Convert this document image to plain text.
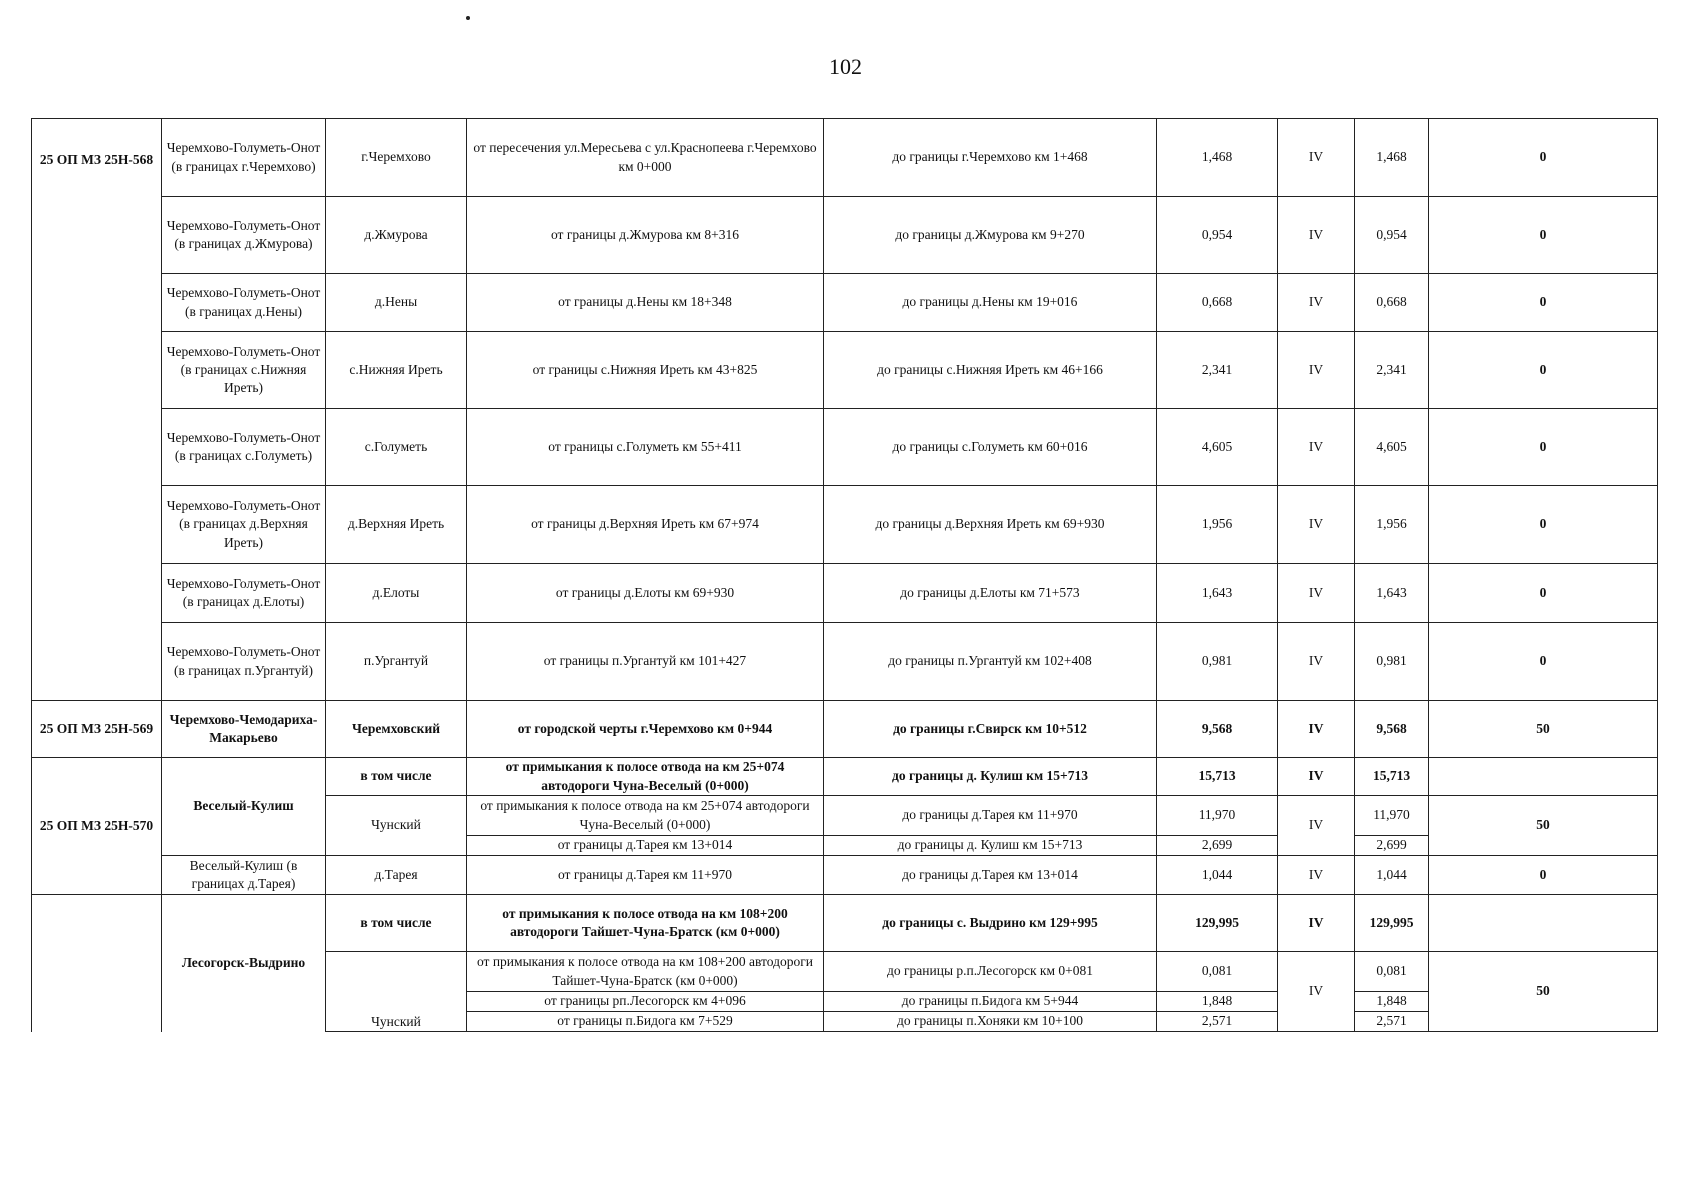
102
25 ОП МЗ 25Н-568	Черемхово-Голуметь-Онот (в границах г.Черемхово)	г.Черемхово	от пересечения ул.Мересьева с ул.Краснопеева г.Черемхово км 0+000	до границы г.Черемхово км 1+468	1,468	IV	1,468	0
	Черемхово-Голуметь-Онот (в границах д.Жмурова)	д.Жмурова	от границы д.Жмурова км 8+316	до границы д.Жмурова км 9+270	0,954	IV	0,954	0
	Черемхово-Голуметь-Онот (в границах д.Нены)	д.Нены	от границы д.Нены км 18+348	до границы д.Нены км 19+016	0,668	IV	0,668	0
	Черемхово-Голуметь-Онот (в границах с.Нижняя Иреть)	с.Нижняя Иреть	от границы с.Нижняя Иреть км 43+825	до границы с.Нижняя Иреть км 46+166	2,341	IV	2,341	0
	Черемхово-Голуметь-Онот (в границах с.Голуметь)	с.Голуметь	от границы с.Голуметь км 55+411	до границы с.Голуметь км 60+016	4,605	IV	4,605	0
	Черемхово-Голуметь-Онот (в границах д.Верхняя Иреть)	д.Верхняя Иреть	от границы д.Верхняя Иреть км 67+974	до границы д.Верхняя Иреть км 69+930	1,956	IV	1,956	0
	Черемхово-Голуметь-Онот (в границах д.Елоты)	д.Елоты	от границы д.Елоты км 69+930	до границы д.Елоты км 71+573	1,643	IV	1,643	0
	Черемхово-Голуметь-Онот (в границах п.Ургантуй)	п.Ургантуй	от границы п.Ургантуй км 101+427	до границы п.Ургантуй км 102+408	0,981	IV	0,981	0
25 ОП МЗ 25Н-569	Черемхово-Чемодариха-Макарьево	Черемховский	от городской черты г.Черемхово км 0+944	до границы г.Свирск км 10+512	9,568	IV	9,568	50
25 ОП МЗ 25Н-570	Веселый-Кулиш	в том числе	от примыкания к полосе отвода на км 25+074 автодороги Чуна-Веселый (0+000)	до границы д. Кулиш км 15+713	15,713	IV	15,713	
		Чунский	от примыкания к полосе отвода на км 25+074 автодороги Чуна-Веселый (0+000)	до границы д.Тарея км 11+970	11,970	IV	11,970	50
			от границы д.Тарея км 13+014	до границы д. Кулиш км 15+713	2,699		2,699	
	Веселый-Кулиш (в границах д.Тарея)	д.Тарея	от границы д.Тарея км 11+970	до границы д.Тарея км 13+014	1,044	IV	1,044	0
	Лесогорск-Выдрино	в том числе	от примыкания к полосе отвода на км 108+200 автодороги Тайшет-Чуна-Братск (км 0+000)	до границы с. Выдрино км 129+995	129,995	IV	129,995	
		Чунский	от примыкания к полосе отвода на км 108+200 автодороги Тайшет-Чуна-Братск (км 0+000)	до границы р.п.Лесогорск км 0+081	0,081	IV	0,081	50
			от границы рп.Лесогорск км 4+096	до границы п.Бидога км 5+944	1,848		1,848	
			от границы п.Бидога км 7+529	до границы п.Хоняки км 10+100	2,571		2,571	
